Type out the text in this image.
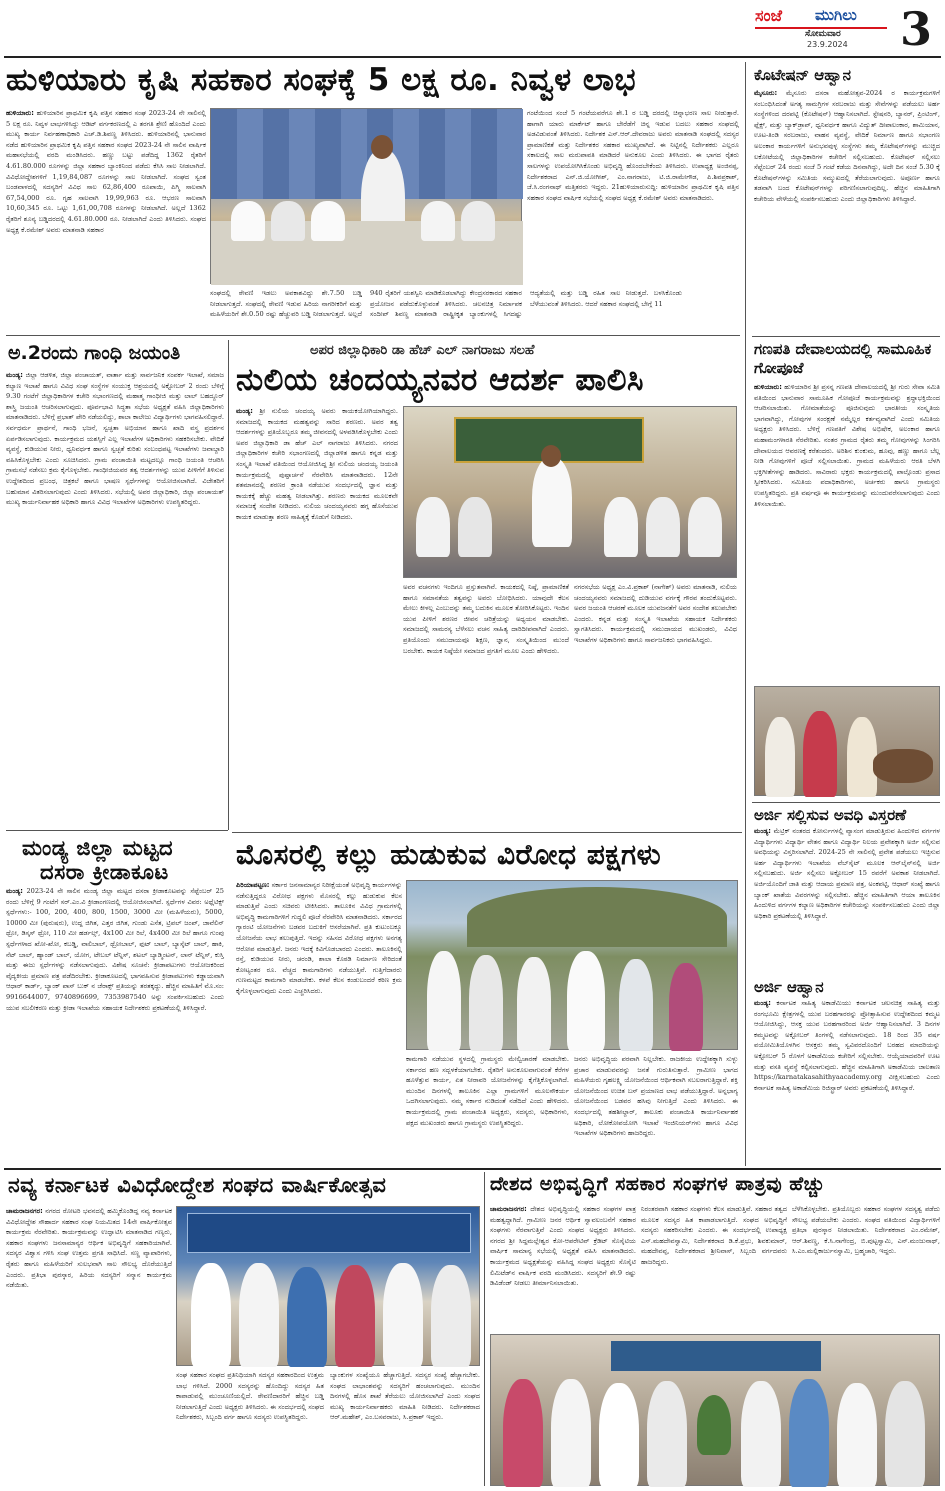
ಸಂಜೆ ಮುಗಿಲು
ಸೋಮವಾರ
23.9.2024 3
ಹುಳಿಯಾರು ಕೃಷಿ ಸಹಕಾರ ಸಂಘಕ್ಕೆ 5 ಲಕ್ಷ ರೂ. ನಿವ್ವಳ ಲಾಭ
ಹುಳಿಯಾರು: ಹುಳಿಯಾರಿನ ಪ್ರಾಥಮಿಕ ಕೃಷಿ ಪತ್ತಿನ ಸಹಕಾರ ಸಂಘ 2023-24 ನೇ ಸಾಲಿನಲ್ಲಿ 5 ಲಕ್ಷ ರೂ. ನಿವ್ವಳ ಲಾಭಗಳಿಸಿದ್ದು ಆಡಿಟ್ ವರ್ಗಕರಣದಲ್ಲಿ ಎ ತರಗತಿ ಶ್ರೇಣಿ ಹೊಂದಿದೆ ಎಂದು ಮುಖ್ಯ ಕಾರ್ಯ ನಿರ್ವಹಣಾಧಿಕಾರಿ ಎಚ್.ಡಿ.ಶಿವಣ್ಣ ತಿಳಿಸಿದರು. ಹುಳಿಯಾರಿನಲ್ಲಿ ಭಾನುವಾರ ನಡೆದ ಹುಳಿಯಾರಿನ ಪ್ರಾಥಮಿಕ ಕೃಷಿ ಪತ್ತಿನ ಸಹಕಾರ ಸಂಘದ 2023-24 ನೇ ಸಾಲಿನ ವಾರ್ಷಿಕ ಮಹಾಸಭೆಯಲ್ಲಿ ವರದಿ ಮಂಡಿಸಿದರು. ಹಣ್ಣು ಬಟ್ಟು ಪಡೆದಿದ್ದ 1362 ರೈತರಿಗೆ 4.61.80.000 ರೂಗಳನ್ನು ಜಿಲ್ಲಾ ಸಹಕಾರ ಬ್ಯಾಂಕಿನಿಂದ ಪಡೆದು ಕೆಸಿಸಿ ಸಾಲ ನೀಡಲಾಗಿದೆ. ವಿವಿಧೋದ್ದೇಶಗಳಿಗೆ 1,19,84,087 ರೂಗಳನ್ನು ಸಾಲ ನೀಡಲಾಗಿದೆ. ಸಂಘದ ಸ್ವಂತ ಬಂಡವಾಳದಲ್ಲಿ ಸದಸ್ಯರಿಗೆ ವಿವಿಧ ಸಾಲ 62,86,400 ರೂಪಾಯಿ, ಪಿಗ್ಮಿ ಸಾಲವಾಗಿ 67,54,000 ರೂ. ಗೃಹ ಸಾಲವಾಗಿ 19,99,963 ರೂ. ಆಭರಣ ಸಾಲವಾಗಿ 10,60,345 ರೂ. ಒಟ್ಟು 1,61,00,708 ರೂಗಳನ್ನು ನೀಡಲಾಗಿದೆ. ಅಲ್ಲದೆ 1362 ರೈತರಿಗೆ ಶೂನ್ಯ ಬಡ್ಡಿದರದಲ್ಲಿ 4.61.80.000 ರೂ. ನೀಡಲಾಗಿದೆ ಎಂದು ತಿಳಿಸಿದರು. ಸಂಘದ ಅಧ್ಯಕ್ಷ ಕೆ.ರಮೇಶ್ ಅವರು ಮಾತನಾಡಿ ಸಹಕಾರ
ಸಂಘದಲ್ಲಿ ಠೇವಣಿ ಇಡಲು ಅವಕಾಶವಿದ್ದು ಶೇ.7.50 ಬಡ್ಡಿ ನೀಡಲಾಗುತ್ತದೆ. ಸಂಘದಲ್ಲಿ ಠೇವಣಿ ಇಡುವ ಹಿರಿಯ ನಾಗರೀಕರಿಗೆ ಮತ್ತು ಮಹಿಳೆಯರಿಗೆ ಶೇ.0.50 ರಷ್ಟು ಹೆಚ್ಚುವರಿ ಬಡ್ಡಿ ನೀಡಲಾಗುತ್ತದೆ. ಅಲ್ಲದೆ 940 ರೈತರಿಗೆ ಯಶಸ್ವಿನಿ ಮಾಡಿಕೊಡಲಾಗಿದ್ದು ಕೇಂದ್ರಸರಕಾರದ ಸಹಕಾರ ಪ್ರಯೋಜನ ಪಡೆದುಕೊಳ್ಳುವಂತೆ ತಿಳಿಸಿದರು. ಚಲನಚಿತ್ರ ನಿರ್ಮಾಪಕ ಸಂದೀಪ್ ಶಿವಣ್ಣ ಮಾತನಾಡಿ ರಾಷ್ಟ್ರೀಕೃತ ಬ್ಯಾಂಕುಗಳಲ್ಲಿ ಸಿಗದಷ್ಟು ಆದ್ಯತೆಯಲ್ಲಿ ಮತ್ತು ಬಡ್ಡಿ ರಹಿತ ಸಾಲ ನೀಡುತ್ತದೆ. ಬಳಸಿಕೊಂಡು ಬೆಳೆಯುವಂತೆ ತಿಳಿಸಿದರು. ಆದರೆ ಸಹಕಾರ ಸಂಘದಲ್ಲಿ ಬೇಗ್ಗೆ 11
ಗಂಟೆಯಿಂದ ಸಂಜೆ 5 ಗಂಟೆಯವರೆಗೂ ಶೇ.1 ರ ಬಡ್ಡಿ ದರದಲ್ಲಿ ಚಿನ್ನಾಭರಣ ಸಾಲ ನೀಡುತ್ತಾರೆ. ಹಾಗಾಗಿ ಯಾರು ಮಾರ್ಕೆಟ್ ಹಾಗೂ ಬೇರೆಡೆಗೆ ಚಿನ್ನ ಇಡುವ ಬದಲು ಸಹಕಾರ ಸಂಘದಲ್ಲಿ ಅಡವಿಡುವಂತೆ ತಿಳಿಸಿದರು. ನಿರ್ದೇಶಕ ಎಸ್.ಆರ್.ದೇವರಾಜು ಅವರು ಮಾತನಾಡಿ ಸಂಘದಲ್ಲಿ ಸದಸ್ಯರ ಪ್ರಾಮಾಣಿಕತೆ ಮತ್ತು ನಿರ್ದೇಶಕರ ಸಹಕಾರ ಮುಖ್ಯವಾಗಿದೆ. ಈ ನಿಟ್ಟಿನಲ್ಲಿ ನಿರ್ದೇಶಕರು ಎಲ್ಲರೂ ಸಕಾಲದಲ್ಲಿ ಸಾಲ ಮರುಪಾವತಿ ಮಾಡಿದರೆ ಅನುಕೂಲ ಎಂದು ತಿಳಿಸಿದರು. ಈ ಭಾಗದ ರೈತರು ಸಾಲಗಳನ್ನು ಉಪಯೋಗಿಸಿಕೊಂಡು ಅಭಿವೃದ್ಧಿ ಹೊಂದಬೇಕೆಂದು ತಿಳಿಸಿದರು. ಉಪಾಧ್ಯಕ್ಷ ಅಂಜಿನಪ್ಪ, ನಿರ್ದೇಶಕರಾದ ಎನ್.ಜಿ.ಯೋಗೀಶ್, ಎಂ.ನಾಗರಾಜು, ಟಿ.ಜಿ.ರಾಮೇಗೌಡ, ಪಿ.ಶಿವಪ್ರಕಾಶ್, ಜೆ.ಸಿ.ರಂಗನಾಥ್ ಮತ್ತಿತರರು ಇದ್ದರು. 21ಹುಳಿಯಾರುಸುದ್ದಿ: ಹುಳಿಯಾರಿನ ಪ್ರಾಥಮಿಕ ಕೃಷಿ ಪತ್ತಿನ ಸಹಕಾರ ಸಂಘದ ವಾರ್ಷಿಕ ಸಭೆಯಲ್ಲಿ ಸಂಘದ ಅಧ್ಯಕ್ಷ ಕೆ.ರಮೇಶ್ ಅವರು ಮಾತನಾಡಿದರು.
ಕೊಟೇಷನ್ ಆಹ್ವಾನ
ಮೈಸೂರು: ಮೈಸೂರು ದಸರಾ ಮಹೋತ್ಸವ-2024 ರ ಕಾರ್ಯಕ್ರಮಗಳಿಗೆ ಸಂಬಂಧಿಸಿದಂತೆ ಅಗತ್ಯ ಸಾಮಗ್ರಿಗಳ ಸರಬರಾಜು ಮತ್ತು ಸೇವೆಗಳನ್ನು ಪಡೆಯಲು ಅರ್ಹ ಸಂಸ್ಥೆಗಳಿಂದ ದರಪಟ್ಟಿ (ಕೊಟೇಷನ್) ಆಹ್ವಾನಿಸಲಾಗಿದೆ. ಸ್ಟೇಷನರಿ, ಬ್ಯಾನರ್, ಪ್ರಿಂಟಿಂಗ್, ಫ್ಲೆಕ್ಸ್, ಮತ್ತು ಬ್ಯಾಕ್‌ಡ್ರಾಪ್, ಧ್ವನಿವರ್ಧಕ ಹಾಗೂ ವಿದ್ಯುತ್ ದೀಪಾಲಂಕಾರ, ಶಾಮಿಯಾನ, ಊಟ-ತಿಂಡಿ ಸರಬರಾಜು, ವಾಹನ ವ್ಯವಸ್ಥೆ, ವೇದಿಕೆ ನಿರ್ಮಾಣ ಹಾಗೂ ಸಭಾಂಗಣ ಅಲಂಕಾರ ಕಾರ್ಯಗಳಿಗೆ ಅನುಭವವುಳ್ಳ ಸಂಸ್ಥೆಗಳು ತಮ್ಮ ಕೊಟೇಷನ್‌ಗಳನ್ನು ಮುಚ್ಚಿದ ಲಕೋಟೆಯಲ್ಲಿ ಜಿಲ್ಲಾಧಿಕಾರಿಗಳ ಕಚೇರಿಗೆ ಸಲ್ಲಿಸಬಹುದು. ಕೊಟೇಷನ್ ಸಲ್ಲಿಸಲು ಸೆಪ್ಟೆಂಬರ್ 24 ರಂದು ಸಂಜೆ 5 ಗಂಟೆ ಕಡೆಯ ದಿನವಾಗಿದ್ದು, ಅದೇ ದಿನ ಸಂಜೆ 5.30 ಕ್ಕೆ ಕೊಟೇಷನ್‌ಗಳನ್ನು ಸಮಿತಿಯ ಸಮ್ಮುಖದಲ್ಲಿ ತೆರೆಯಲಾಗುವುದು. ಅಪೂರ್ಣ ಹಾಗೂ ತಡವಾಗಿ ಬಂದ ಕೊಟೇಷನ್‌ಗಳನ್ನು ಪರಿಗಣಿಸಲಾಗುವುದಿಲ್ಲ. ಹೆಚ್ಚಿನ ಮಾಹಿತಿಗಾಗಿ ಕಚೇರಿಯ ವೇಳೆಯಲ್ಲಿ ಸಂಪರ್ಕಿಸಬಹುದು ಎಂದು ಜಿಲ್ಲಾಧಿಕಾರಿಗಳು ತಿಳಿಸಿದ್ದಾರೆ.
ಗಣಪತಿ ದೇವಾಲಯದಲ್ಲಿ ಸಾಮೂಹಿಕ ಗೋಪೂಜೆ
ಹುಳಿಯಾರು: ಹುಳಿಯಾರಿನ ಶ್ರೀ ಪ್ರಸನ್ನ ಗಣಪತಿ ದೇವಾಲಯದಲ್ಲಿ ಶ್ರೀ ಗುರು ಸೇವಾ ಸಮಿತಿ ವತಿಯಿಂದ ಭಾನುವಾರ ಸಾಮೂಹಿಕ ಗೋಪೂಜೆ ಕಾರ್ಯಕ್ರಮವನ್ನು ಶ್ರದ್ಧಾಭಕ್ತಿಯಿಂದ ಆಚರಿಸಲಾಯಿತು. ಗೋಮಾತೆಯನ್ನು ಪೂಜಿಸುವುದು ಭಾರತೀಯ ಸಂಸ್ಕೃತಿಯ ಭಾಗವಾಗಿದ್ದು, ಗೋವುಗಳ ಸಂರಕ್ಷಣೆ ನಮ್ಮೆಲ್ಲರ ಕರ್ತವ್ಯವಾಗಿದೆ ಎಂದು ಸಮಿತಿಯ ಅಧ್ಯಕ್ಷರು ತಿಳಿಸಿದರು. ಬೆಳಿಗ್ಗೆ ಗಣಪತಿಗೆ ವಿಶೇಷ ಅಭಿಷೇಕ, ಅಲಂಕಾರ ಹಾಗೂ ಮಹಾಮಂಗಳಾರತಿ ನೆರವೇರಿತು. ನಂತರ ಗ್ರಾಮದ ರೈತರು ತಮ್ಮ ಗೋವುಗಳನ್ನು ಸಿಂಗರಿಸಿ ದೇವಾಲಯದ ಆವರಣಕ್ಕೆ ಕರೆತಂದರು. ಅರಿಶಿನ ಕುಂಕುಮ, ಹೂವು, ಹಣ್ಣು ಹಾಗೂ ಬೆಲ್ಲ ನೀಡಿ ಗೋವುಗಳಿಗೆ ಪೂಜೆ ಸಲ್ಲಿಸಲಾಯಿತು. ಗ್ರಾಮದ ಮಹಿಳೆಯರು ಆರತಿ ಬೆಳಗಿ ಭಕ್ತಿಗೀತೆಗಳನ್ನು ಹಾಡಿದರು. ಸಾವಿರಾರು ಭಕ್ತರು ಕಾರ್ಯಕ್ರಮದಲ್ಲಿ ಪಾಲ್ಗೊಂಡು ಪ್ರಸಾದ ಸ್ವೀಕರಿಸಿದರು. ಸಮಿತಿಯ ಪದಾಧಿಕಾರಿಗಳು, ಅರ್ಚಕರು ಹಾಗೂ ಗ್ರಾಮಸ್ಥರು ಉಪಸ್ಥಿತರಿದ್ದರು. ಪ್ರತಿ ವರ್ಷವೂ ಈ ಕಾರ್ಯಕ್ರಮವನ್ನು ಮುಂದುವರೆಸಲಾಗುವುದು ಎಂದು ತಿಳಿಸಲಾಯಿತು.
ಅ.2ರಂದು ಗಾಂಧಿ ಜಯಂತಿ
ಮಂಡ್ಯ: ಜಿಲ್ಲಾ ಆಡಳಿತ, ಜಿಲ್ಲಾ ಪಂಚಾಯತ್, ವಾರ್ತಾ ಮತ್ತು ಸಾರ್ವಜನಿಕ ಸಂಪರ್ಕ ಇಲಾಖೆ, ಸಮಾಜ ಕಲ್ಯಾಣ ಇಲಾಖೆ ಹಾಗೂ ವಿವಿಧ ಸಂಘ ಸಂಸ್ಥೆಗಳ ಸಂಯುಕ್ತ ಆಶ್ರಯದಲ್ಲಿ ಅಕ್ಟೋಬರ್ 2 ರಂದು ಬೆಳಿಗ್ಗೆ 9.30 ಗಂಟೆಗೆ ಜಿಲ್ಲಾಧಿಕಾರಿಗಳ ಕಚೇರಿ ಸಭಾಂಗಣದಲ್ಲಿ ಮಹಾತ್ಮ ಗಾಂಧೀಜಿ ಮತ್ತು ಲಾಲ್ ಬಹದ್ದೂರ್ ಶಾಸ್ತ್ರಿ ಜಯಂತಿ ಆಚರಿಸಲಾಗುವುದು. ಪೂರ್ವಭಾವಿ ಸಿದ್ಧತಾ ಸಭೆಯ ಅಧ್ಯಕ್ಷತೆ ವಹಿಸಿ ಜಿಲ್ಲಾಧಿಕಾರಿಗಳು ಮಾತನಾಡಿದರು. ಬೆಳಿಗ್ಗೆ ಪ್ರಭಾತ್ ಪೇರಿ ನಡೆಯಲಿದ್ದು, ಶಾಲಾ ಕಾಲೇಜು ವಿದ್ಯಾರ್ಥಿಗಳು ಭಾಗವಹಿಸಲಿದ್ದಾರೆ. ಸರ್ವಧರ್ಮ ಪ್ರಾರ್ಥನೆ, ಗಾಂಧಿ ಭಜನೆ, ಸ್ವಚ್ಛತಾ ಅಭಿಯಾನ ಹಾಗೂ ಖಾದಿ ವಸ್ತ್ರ ಪ್ರದರ್ಶನ ಏರ್ಪಡಿಸಲಾಗುವುದು. ಕಾರ್ಯಕ್ರಮದ ಯಶಸ್ಸಿಗೆ ಎಲ್ಲ ಇಲಾಖೆಗಳ ಅಧಿಕಾರಿಗಳು ಸಹಕರಿಸಬೇಕು. ವೇದಿಕೆ ವ್ಯವಸ್ಥೆ, ಕುಡಿಯುವ ನೀರು, ಧ್ವನಿವರ್ಧಕ ಹಾಗೂ ಸ್ವಚ್ಛತೆ ಕುರಿತು ಸಂಬಂಧಪಟ್ಟ ಇಲಾಖೆಗಳು ಜವಾಬ್ದಾರಿ ವಹಿಸಿಕೊಳ್ಳಬೇಕು ಎಂದು ಸೂಚಿಸಿದರು. ಗ್ರಾಮ ಪಂಚಾಯಿತಿ ಮಟ್ಟದಲ್ಲೂ ಗಾಂಧಿ ಜಯಂತಿ ಆಚರಿಸಿ ಗ್ರಾಮಸಭೆ ನಡೆಸಲು ಕ್ರಮ ಕೈಗೊಳ್ಳಬೇಕು. ಗಾಂಧೀಜಿಯವರ ತತ್ವ ಆದರ್ಶಗಳನ್ನು ಯುವ ಪೀಳಿಗೆಗೆ ತಿಳಿಸುವ ಉದ್ದೇಶದಿಂದ ಪ್ರಬಂಧ, ಚಿತ್ರಕಲೆ ಹಾಗೂ ಭಾಷಣ ಸ್ಪರ್ಧೆಗಳನ್ನು ಆಯೋಜಿಸಲಾಗಿದೆ. ವಿಜೇತರಿಗೆ ಬಹುಮಾನ ವಿತರಿಸಲಾಗುವುದು ಎಂದು ತಿಳಿಸಿದರು. ಸಭೆಯಲ್ಲಿ ಅಪರ ಜಿಲ್ಲಾಧಿಕಾರಿ, ಜಿಲ್ಲಾ ಪಂಚಾಯತ್ ಮುಖ್ಯ ಕಾರ್ಯನಿರ್ವಾಹಕ ಅಧಿಕಾರಿ ಹಾಗೂ ವಿವಿಧ ಇಲಾಖೆಗಳ ಅಧಿಕಾರಿಗಳು ಉಪಸ್ಥಿತರಿದ್ದರು.
ಅಪರ ಜಿಲ್ಲಾಧಿಕಾರಿ ಡಾ ಹೆಚ್ ಎಲ್ ನಾಗರಾಜು ಸಲಹೆ
ನುಲಿಯ ಚಂದಯ್ಯನವರ ಆದರ್ಶ ಪಾಲಿಸಿ
ಮಂಡ್ಯ: ಶ್ರೀ ನುಲಿಯ ಚಂದಯ್ಯ ಅವರು ಕಾಯಕಯೋಗಿಯಾಗಿದ್ದರು. ಸಮಾಜದಲ್ಲಿ ಕಾಯಕದ ಮಹತ್ವವನ್ನು ಸಾರಿದ ಶರಣರು. ಅವರ ತತ್ವ ಆದರ್ಶಗಳನ್ನು ಪ್ರತಿಯೊಬ್ಬರೂ ತಮ್ಮ ಜೀವನದಲ್ಲಿ ಅಳವಡಿಸಿಕೊಳ್ಳಬೇಕು ಎಂದು ಅಪರ ಜಿಲ್ಲಾಧಿಕಾರಿ ಡಾ ಹೆಚ್ ಎಲ್ ನಾಗರಾಜು ತಿಳಿಸಿದರು. ನಗರದ ಜಿಲ್ಲಾಧಿಕಾರಿಗಳ ಕಚೇರಿ ಸಭಾಂಗಣದಲ್ಲಿ ಜಿಲ್ಲಾಡಳಿತ ಹಾಗೂ ಕನ್ನಡ ಮತ್ತು ಸಂಸ್ಕೃತಿ ಇಲಾಖೆ ವತಿಯಿಂದ ಆಯೋಜಿಸಿದ್ದ ಶ್ರೀ ನುಲಿಯ ಚಂದಯ್ಯ ಜಯಂತಿ ಕಾರ್ಯಕ್ರಮದಲ್ಲಿ ಪುಷ್ಪಾರ್ಚನೆ ನೆರವೇರಿಸಿ ಮಾತನಾಡಿದರು. 12ನೇ ಶತಮಾನದಲ್ಲಿ ಶರಣರ ಕ್ರಾಂತಿ ನಡೆಯುವ ಸಂದರ್ಭದಲ್ಲಿ ಜ್ಞಾನ ಮತ್ತು ಕಾಯಕಕ್ಕೆ ಹೆಚ್ಚು ಮಹತ್ವ ನೀಡಲಾಗಿತ್ತು. ಶರಣರು ಕಾಯಕದ ಮೂಲಕವೇ ಸಮಾಜಕ್ಕೆ ಸಂದೇಶ ನೀಡಿದರು. ನುಲಿಯ ಚಂದಯ್ಯನವರು ಹಗ್ಗ ಹೊಸೆಯುವ ಕಾಯಕ ಮಾಡುತ್ತಾ ಶರಣ ಸಾಹಿತ್ಯಕ್ಕೆ ಕೊಡುಗೆ ನೀಡಿದರು.
ಅವರ ವಚನಗಳು ಇಂದಿಗೂ ಪ್ರಸ್ತುತವಾಗಿವೆ. ಕಾಯಕದಲ್ಲಿ ನಿಷ್ಠೆ, ಪ್ರಾಮಾಣಿಕತೆ ಹಾಗೂ ಸಮಾನತೆಯ ತತ್ವವನ್ನು ಅವರು ಬೋಧಿಸಿದರು. ಯಾವುದೇ ಕೆಲಸ ಮೇಲು ಕೀಳಲ್ಲ ಎಂಬುದನ್ನು ತಮ್ಮ ಬದುಕಿನ ಮೂಲಕ ತೋರಿಸಿಕೊಟ್ಟರು. ಇಂದಿನ ಯುವ ಪೀಳಿಗೆ ಶರಣರ ಜೀವನ ಚರಿತ್ರೆಯನ್ನು ಅಧ್ಯಯನ ಮಾಡಬೇಕು. ಸಮಾಜದಲ್ಲಿ ಸಾಮರಸ್ಯ ಬೆಳೆಸಲು ವಚನ ಸಾಹಿತ್ಯ ದಾರಿದೀಪವಾಗಿದೆ ಎಂದರು. ಪ್ರತಿಯೊಂದು ಸಮುದಾಯವೂ ಶಿಕ್ಷಣ, ಜ್ಞಾನ, ಸಂಸ್ಕೃತಿಯಿಂದ ಮುಂದೆ ಬರಬೇಕು. ಕಾಯಕ ನಿಷ್ಠೆಯೇ ಸಮಾಜದ ಪ್ರಗತಿಗೆ ಮೂಲ ಎಂದು ಹೇಳಿದರು.
ನಗರಸಭೆಯ ಅಧ್ಯಕ್ಷ ಎಂ.ವಿ.ಪ್ರಕಾಶ್ (ನಾಗೇಶ್) ಅವರು ಮಾತನಾಡಿ, ನುಲಿಯ ಚಂದಯ್ಯನವರು ಸಮಾಜದಲ್ಲಿ ದುಡಿಯುವ ವರ್ಗಕ್ಕೆ ಗೌರವ ತಂದುಕೊಟ್ಟವರು. ಅವರ ಜಯಂತಿ ಆಚರಣೆ ಮೂಲಕ ಯುವಜನತೆಗೆ ಅವರ ಸಂದೇಶ ತಲುಪಬೇಕು ಎಂದರು. ಕನ್ನಡ ಮತ್ತು ಸಂಸ್ಕೃತಿ ಇಲಾಖೆಯ ಸಹಾಯಕ ನಿರ್ದೇಶಕರು ಸ್ವಾಗತಿಸಿದರು. ಕಾರ್ಯಕ್ರಮದಲ್ಲಿ ಸಮುದಾಯದ ಮುಖಂಡರು, ವಿವಿಧ ಇಲಾಖೆಗಳ ಅಧಿಕಾರಿಗಳು ಹಾಗೂ ಸಾರ್ವಜನಿಕರು ಭಾಗವಹಿಸಿದ್ದರು.
ಮಂಡ್ಯ ಜಿಲ್ಲಾ ಮಟ್ಟದ
ದಸರಾ ಕ್ರೀಡಾಕೂಟ
ಮಂಡ್ಯ: 2023-24 ನೇ ಸಾಲಿನ ಮಂಡ್ಯ ಜಿಲ್ಲಾ ಮಟ್ಟದ ದಸರಾ ಕ್ರೀಡಾಕೂಟವನ್ನು ಸೆಪ್ಟೆಂಬರ್ 25 ರಂದು ಬೆಳಿಗ್ಗೆ 9 ಗಂಟೆಗೆ ಸರ್.ಎಂ.ವಿ ಕ್ರೀಡಾಂಗಣದಲ್ಲಿ ಆಯೋಜಿಸಲಾಗಿದೆ. ಸ್ಪರ್ಧೆಗಳ ವಿವರ: ಅಥ್ಲೆಟಿಕ್ಸ್ ಸ್ಪರ್ಧೆಗಳು:- 100, 200, 400, 800, 1500, 3000 ಮೀ (ಮಹಿಳೆಯರು), 5000, 10000 ಮೀ (ಪುರುಷರು), ಉದ್ದ ಜಿಗಿತ, ಎತ್ತರ ಜಿಗಿತ, ಗುಂಡು ಎಸೆತ, ಟ್ರಿಪಲ್ ಜಂಪ್, ಜಾವೆಲಿನ್ ಥ್ರೋ, ಡಿಸ್ಕಸ್ ಥ್ರೋ, 110 ಮೀ ಹರ್ಡಲ್ಸ್, 4x100 ಮೀ ರಿಲೆ, 4x400 ಮೀ ರಿಲೆ ಹಾಗೂ ಗುಂಪು ಸ್ಪರ್ಧೆಗಳಾದ ಖೋ-ಖೋ, ಕಬಡ್ಡಿ, ವಾಲಿಬಾಲ್, ಥ್ರೋಬಾಲ್, ಫುಟ್ ಬಾಲ್, ಬ್ಯಾಸ್ಕೆಟ್ ಬಾಲ್, ಹಾಕಿ, ನೆಟ್ ಬಾಲ್, ಹ್ಯಾಂಡ್ ಬಾಲ್, ಯೋಗ, ಟೇಬಲ್ ಟೆನ್ನಿಸ್, ಶಟಲ್ ಬ್ಯಾಡ್ಮಿಂಟನ್, ಲಾನ್ ಟೆನ್ನಿಸ್, ಕುಸ್ತಿ ಮತ್ತು ಈಜು ಸ್ಪರ್ಧೆಗಳನ್ನು ನಡೆಸಲಾಗುವುದು. ವಿಶೇಷ ಸೂಚನೆ: ಕ್ರೀಡಾಪಟುಗಳು ಆಯೋಜಕರಿಂದ ವೈದ್ಯಕೀಯ ಪ್ರಮಾಣ ಪತ್ರ ಪಡೆದಿರಬೇಕು. ಕ್ರೀಡಾಕೂಟದಲ್ಲಿ ಭಾಗವಹಿಸುವ ಕ್ರೀಡಾಪಟುಗಳು ಕಡ್ಡಾಯವಾಗಿ ಆಧಾರ್ ಕಾರ್ಡ್, ಬ್ಯಾಂಕ್ ಪಾಸ್ ಬುಕ್ ನ ಜೆರಾಕ್ಸ್ ಪ್ರತಿಯನ್ನು ತರತಕ್ಕದ್ದು. ಹೆಚ್ಚಿನ ಮಾಹಿತಿಗೆ ಮೊ.ಸಂ: 9916644007, 9740896699, 7353987540 ಅನ್ನು ಸಂಪರ್ಕಿಸಬಹುದು ಎಂದು ಯುವ ಸಬಲೀಕರಣ ಮತ್ತು ಕ್ರೀಡಾ ಇಲಾಖೆಯ ಸಹಾಯಕ ನಿರ್ದೇಶಕರು ಪ್ರಕಟಣೆಯಲ್ಲಿ ತಿಳಿಸಿದ್ದಾರೆ.
ಮೊಸರಲ್ಲಿ ಕಲ್ಲು ಹುಡುಕುವ ವಿರೋಧ ಪಕ್ಷಗಳು
ಪಿರಿಯಾಪಟ್ಟಣ: ಸರ್ಕಾರ ಜನಸಾಮಾನ್ಯರ ನಿರೀಕ್ಷೆಯಂತೆ ಅಭಿವೃದ್ಧಿ ಕಾರ್ಯಗಳನ್ನು ನಡೆಸುತ್ತಿದ್ದರೂ ವಿರೋಧ ಪಕ್ಷಗಳು ಮೊಸರಲ್ಲಿ ಕಲ್ಲು ಹುಡುಕುವ ಕೆಲಸ ಮಾಡುತ್ತಿವೆ ಎಂದು ಸಚಿವರು ಟೀಕಿಸಿದರು. ತಾಲೂಕಿನ ವಿವಿಧ ಗ್ರಾಮಗಳಲ್ಲಿ ಅಭಿವೃದ್ಧಿ ಕಾಮಗಾರಿಗಳಿಗೆ ಗುದ್ದಲಿ ಪೂಜೆ ನೆರವೇರಿಸಿ ಮಾತನಾಡಿದರು. ಸರ್ಕಾರದ ಗ್ಯಾರಂಟಿ ಯೋಜನೆಗಳು ಬಡವರ ಬದುಕಿಗೆ ಆಸರೆಯಾಗಿವೆ. ಪ್ರತಿ ಕುಟುಂಬಕ್ಕೂ ಯೋಜನೆಯ ಲಾಭ ತಲುಪುತ್ತಿದೆ. ಇದನ್ನು ಸಹಿಸದ ವಿರೋಧ ಪಕ್ಷಗಳು ಅನಗತ್ಯ ಆರೋಪ ಮಾಡುತ್ತಿವೆ. ಜನರು ಇದಕ್ಕೆ ಕಿವಿಗೊಡಬಾರದು ಎಂದರು. ತಾಲೂಕಿನಲ್ಲಿ ರಸ್ತೆ, ಕುಡಿಯುವ ನೀರು, ಚರಂಡಿ, ಶಾಲಾ ಕೊಠಡಿ ನಿರ್ಮಾಣ ಸೇರಿದಂತೆ ಕೋಟ್ಯಂತರ ರೂ. ವೆಚ್ಚದ ಕಾಮಗಾರಿಗಳು ನಡೆಯುತ್ತಿವೆ. ಗುತ್ತಿಗೆದಾರರು ಗುಣಮಟ್ಟದ ಕಾಮಗಾರಿ ಮಾಡಬೇಕು. ಕಳಪೆ ಕೆಲಸ ಕಂಡುಬಂದರೆ ಕಠಿಣ ಕ್ರಮ ಕೈಗೊಳ್ಳಲಾಗುವುದು ಎಂದು ಎಚ್ಚರಿಸಿದರು.
ಕಾಮಗಾರಿ ನಡೆಯುವ ಸ್ಥಳದಲ್ಲಿ ಗ್ರಾಮಸ್ಥರು ಮೇಲ್ವಿಚಾರಣೆ ಮಾಡಬೇಕು. ಸರ್ಕಾರದ ಹಣ ಸದ್ಬಳಕೆಯಾಗಬೇಕು. ರೈತರಿಗೆ ಅನುಕೂಲವಾಗುವಂತೆ ಕೆರೆಗಳ ಹೂಳೆತ್ತುವ ಕಾರ್ಯ, ಏತ ನೀರಾವರಿ ಯೋಜನೆಗಳನ್ನು ಕೈಗೆತ್ತಿಕೊಳ್ಳಲಾಗಿದೆ. ಮುಂದಿನ ದಿನಗಳಲ್ಲಿ ತಾಲೂಕಿನ ಎಲ್ಲಾ ಗ್ರಾಮಗಳಿಗೆ ಮೂಲಸೌಕರ್ಯ ಒದಗಿಸಲಾಗುವುದು. ನಮ್ಮ ಸರ್ಕಾರ ನುಡಿದಂತೆ ನಡೆದಿದೆ ಎಂದು ಹೇಳಿದರು. ಕಾರ್ಯಕ್ರಮದಲ್ಲಿ ಗ್ರಾಮ ಪಂಚಾಯಿತಿ ಅಧ್ಯಕ್ಷರು, ಸದಸ್ಯರು, ಅಧಿಕಾರಿಗಳು, ಪಕ್ಷದ ಮುಖಂಡರು ಹಾಗೂ ಗ್ರಾಮಸ್ಥರು ಉಪಸ್ಥಿತರಿದ್ದರು.
ಜನರು ಅಭಿವೃದ್ಧಿಯ ಪರವಾಗಿ ನಿಲ್ಲಬೇಕು. ರಾಜಕೀಯ ಉದ್ದೇಶಕ್ಕಾಗಿ ಸುಳ್ಳು ಪ್ರಚಾರ ಮಾಡುವವರನ್ನು ಜನತೆ ಗುರುತಿಸುತ್ತಾರೆ. ಗ್ರಾಮೀಣ ಭಾಗದ ಮಹಿಳೆಯರು ಗೃಹಲಕ್ಷ್ಮಿ ಯೋಜನೆಯಿಂದ ಆರ್ಥಿಕವಾಗಿ ಸಬಲರಾಗುತ್ತಿದ್ದಾರೆ. ಶಕ್ತಿ ಯೋಜನೆಯಿಂದ ಉಚಿತ ಬಸ್ ಪ್ರಯಾಣದ ಲಾಭ ಪಡೆಯುತ್ತಿದ್ದಾರೆ. ಅನ್ನಭಾಗ್ಯ ಯೋಜನೆಯಿಂದ ಬಡವರ ಹಸಿವು ನೀಗುತ್ತಿದೆ ಎಂದು ತಿಳಿಸಿದರು. ಈ ಸಂದರ್ಭದಲ್ಲಿ ತಹಶೀಲ್ದಾರ್, ತಾಲೂಕು ಪಂಚಾಯಿತಿ ಕಾರ್ಯನಿರ್ವಾಹಕ ಅಧಿಕಾರಿ, ಲೋಕೋಪಯೋಗಿ ಇಲಾಖೆ ಇಂಜಿನಿಯರ್‌ಗಳು ಹಾಗೂ ವಿವಿಧ ಇಲಾಖೆಗಳ ಅಧಿಕಾರಿಗಳು ಹಾಜರಿದ್ದರು.
ಅರ್ಜಿ ಸಲ್ಲಿಸುವ ಅವಧಿ ವಿಸ್ತರಣೆ
ಮಂಡ್ಯ: ಮೆಟ್ರಿಕ್ ನಂತರದ ಕೋರ್ಸುಗಳಲ್ಲಿ ವ್ಯಾಸಂಗ ಮಾಡುತ್ತಿರುವ ಹಿಂದುಳಿದ ವರ್ಗಗಳ ವಿದ್ಯಾರ್ಥಿಗಳು ವಿದ್ಯಾರ್ಥಿ ವೇತನ ಹಾಗೂ ವಿದ್ಯಾರ್ಥಿ ನಿಲಯ ಪ್ರವೇಶಕ್ಕಾಗಿ ಅರ್ಜಿ ಸಲ್ಲಿಸುವ ಅವಧಿಯನ್ನು ವಿಸ್ತರಿಸಲಾಗಿದೆ. 2024-25 ನೇ ಸಾಲಿನಲ್ಲಿ ಪ್ರವೇಶ ಪಡೆಯಲು ಇಚ್ಛಿಸುವ ಅರ್ಹ ವಿದ್ಯಾರ್ಥಿಗಳು ಇಲಾಖೆಯ ವೆಬ್‌ಸೈಟ್ ಮೂಲಕ ಆನ್‌ಲೈನ್‌ನಲ್ಲಿ ಅರ್ಜಿ ಸಲ್ಲಿಸಬಹುದು. ಅರ್ಜಿ ಸಲ್ಲಿಸಲು ಅಕ್ಟೋಬರ್ 15 ರವರೆಗೆ ಅವಕಾಶ ನೀಡಲಾಗಿದೆ. ಅರ್ಜಿಯೊಂದಿಗೆ ಜಾತಿ ಮತ್ತು ಆದಾಯ ಪ್ರಮಾಣ ಪತ್ರ, ಅಂಕಪಟ್ಟಿ, ಆಧಾರ್ ಸಂಖ್ಯೆ ಹಾಗೂ ಬ್ಯಾಂಕ್ ಖಾತೆಯ ವಿವರಗಳನ್ನು ಸಲ್ಲಿಸಬೇಕು. ಹೆಚ್ಚಿನ ಮಾಹಿತಿಗಾಗಿ ಆಯಾ ತಾಲೂಕಿನ ಹಿಂದುಳಿದ ವರ್ಗಗಳ ಕಲ್ಯಾಣ ಅಧಿಕಾರಿಗಳ ಕಚೇರಿಯನ್ನು ಸಂಪರ್ಕಿಸಬಹುದು ಎಂದು ಜಿಲ್ಲಾ ಅಧಿಕಾರಿ ಪ್ರಕಟಣೆಯಲ್ಲಿ ತಿಳಿಸಿದ್ದಾರೆ.
ಅರ್ಜಿ ಆಹ್ವಾನ
ಮಂಡ್ಯ: ಕರ್ನಾಟಕ ಸಾಹಿತ್ಯ ಅಕಾಡೆಮಿಯು ಕರ್ನಾಟಕ ಚಲನಚಿತ್ರ ಸಾಹಿತ್ಯ ಮತ್ತು ರಂಗಭೂಮಿ ಕ್ಷೇತ್ರಗಳಲ್ಲಿ ಯುವ ಬರಹಗಾರರನ್ನು ಪ್ರೋತ್ಸಾಹಿಸುವ ಉದ್ದೇಶದಿಂದ ಕಮ್ಮಟ ಆಯೋಜಿಸಿದ್ದು, ಆಸಕ್ತ ಯುವ ಬರಹಗಾರರಿಂದ ಅರ್ಜಿ ಆಹ್ವಾನಿಸಲಾಗಿದೆ. 3 ದಿನಗಳ ಕಮ್ಮಟವನ್ನು ಅಕ್ಟೋಬರ್ ತಿಂಗಳಲ್ಲಿ ನಡೆಸಲಾಗುವುದು. 18 ರಿಂದ 35 ವರ್ಷ ವಯೋಮಿತಿಯೊಳಗಿನ ಆಸಕ್ತರು ತಮ್ಮ ಸ್ವವಿವರದೊಂದಿಗೆ ಬರಹದ ಮಾದರಿಯನ್ನು ಅಕ್ಟೋಬರ್ 5 ರೊಳಗೆ ಅಕಾಡೆಮಿಯ ಕಚೇರಿಗೆ ಸಲ್ಲಿಸಬೇಕು. ಆಯ್ಕೆಯಾದವರಿಗೆ ಊಟ ಮತ್ತು ವಸತಿ ವ್ಯವಸ್ಥೆ ಕಲ್ಪಿಸಲಾಗುವುದು. ಹೆಚ್ಚಿನ ಮಾಹಿತಿಗಾಗಿ ಅಕಾಡೆಮಿಯ ಜಾಲತಾಣ https://karnatakasahithyaacademy.org ವೀಕ್ಷಿಸಬಹುದು ಎಂದು ಕರ್ನಾಟಕ ಸಾಹಿತ್ಯ ಅಕಾಡೆಮಿಯ ರಿಜಿಸ್ಟ್ರಾರ್ ಅವರು ಪ್ರಕಟಣೆಯಲ್ಲಿ ತಿಳಿಸಿದ್ದಾರೆ.
ನವ್ಯ ಕರ್ನಾಟಕ ವಿವಿಧೋದ್ದೇಶ ಸಂಘದ ವಾರ್ಷಿಕೋತ್ಸವ
ಚಾಮರಾಜನಗರ: ನಗರದ ರೋಟರಿ ಭವನದಲ್ಲಿ ಹಮ್ಮಿಕೊಂಡಿದ್ದ ನವ್ಯ ಕರ್ನಾಟಕ ವಿವಿಧೋದ್ದೇಶ ಸೌಹಾರ್ದ ಸಹಕಾರ ಸಂಘ ನಿಯಮಿತದ 14ನೇ ವಾರ್ಷಿಕೋತ್ಸವ ಕಾರ್ಯಕ್ರಮ ನೆರವೇರಿತು. ಕಾರ್ಯಕ್ರಮವನ್ನು ಉದ್ಘಾಟಿಸಿ ಮಾತನಾಡಿದ ಗಣ್ಯರು, ಸಹಕಾರ ಸಂಘಗಳು ಜನಸಾಮಾನ್ಯರ ಆರ್ಥಿಕ ಅಭಿವೃದ್ಧಿಗೆ ಸಹಕಾರಿಯಾಗಿವೆ. ಸದಸ್ಯರ ವಿಶ್ವಾಸ ಗಳಿಸಿ ಸಂಘ ಉತ್ತಮ ಪ್ರಗತಿ ಸಾಧಿಸಿದೆ. ಸಣ್ಣ ವ್ಯಾಪಾರಿಗಳು, ರೈತರು ಹಾಗೂ ಮಹಿಳೆಯರಿಗೆ ಸುಲಭವಾಗಿ ಸಾಲ ಸೌಲಭ್ಯ ದೊರೆಯುತ್ತಿದೆ ಎಂದರು. ಪ್ರತಿಭಾ ಪುರಸ್ಕಾರ, ಹಿರಿಯ ಸದಸ್ಯರಿಗೆ ಸನ್ಮಾನ ಕಾರ್ಯಕ್ರಮ ನಡೆಯಿತು.
ಸಂಘ ಸಹಕಾರ ಸಂಘದ ಪ್ರತಿನಿಧಿಯಾಗಿ ಸದಸ್ಯರ ಸಹಕಾರದಿಂದ ಉತ್ತಮ ಲಾಭ ಗಳಿಸಿದೆ. 2000 ಸದಸ್ಯರನ್ನು ಹೊಂದಿದ್ದು ಸದಸ್ಯರ ಹಿತ ಕಾಪಾಡುವಲ್ಲಿ ಮುಂಚೂಣಿಯಲ್ಲಿದೆ. ಠೇವಣಿದಾರರಿಗೆ ಹೆಚ್ಚಿನ ಬಡ್ಡಿ ನೀಡಲಾಗುತ್ತಿದೆ ಎಂದು ಅಧ್ಯಕ್ಷರು ತಿಳಿಸಿದರು. ಈ ಸಂದರ್ಭದಲ್ಲಿ ಸಂಘದ ನಿರ್ದೇಶಕರು, ಸಿಬ್ಬಂದಿ ವರ್ಗ ಹಾಗೂ ಸದಸ್ಯರು ಉಪಸ್ಥಿತರಿದ್ದರು.
ಬ್ಯಾಂಕುಗಳ ಸಂಖ್ಯೆಯೂ ಹೆಚ್ಚಾಗುತ್ತಿದೆ. ಸದಸ್ಯರ ಸಂಖ್ಯೆ ಹೆಚ್ಚಾಗಬೇಕು. ಸಂಘದ ಲಾಭಾಂಶವನ್ನು ಸದಸ್ಯರಿಗೆ ಹಂಚಲಾಗುವುದು. ಮುಂದಿನ ದಿನಗಳಲ್ಲಿ ಹೊಸ ಶಾಖೆ ತೆರೆಯಲು ಯೋಜಿಸಲಾಗಿದೆ ಎಂದು ಸಂಘದ ಮುಖ್ಯ ಕಾರ್ಯನಿರ್ವಾಹಕರು ಮಾಹಿತಿ ನೀಡಿದರು. ನಿರ್ದೇಶಕರಾದ ಆರ್.ಮಹೇಶ್, ಎಂ.ಬಸವರಾಜು, ಸಿ.ಪ್ರಕಾಶ್ ಇದ್ದರು.
ದೇಶದ ಅಭಿವೃದ್ಧಿಗೆ ಸಹಕಾರ ಸಂಘಗಳ ಪಾತ್ರವು ಹೆಚ್ಚು
ಚಾಮರಾಜನಗರ: ದೇಶದ ಅಭಿವೃದ್ಧಿಯಲ್ಲಿ ಸಹಕಾರ ಸಂಘಗಳ ಪಾತ್ರ ಮಹತ್ವದ್ದಾಗಿದೆ. ಗ್ರಾಮೀಣ ಜನರ ಆರ್ಥಿಕ ಸ್ವಾವಲಂಬನೆಗೆ ಸಹಕಾರ ಸಂಘಗಳು ನೆರವಾಗುತ್ತಿವೆ ಎಂದು ಸಂಘದ ಅಧ್ಯಕ್ಷರು ತಿಳಿಸಿದರು. ನಗರದ ಶ್ರೀ ಸಿದ್ದಮಲ್ಲೇಶ್ವರ ಕೋ-ಆಪರೇಟಿವ್ ಕ್ರೆಡಿಟ್ ಸೊಸೈಟಿಯ ವಾರ್ಷಿಕ ಸಾಮಾನ್ಯ ಸಭೆಯಲ್ಲಿ ಅಧ್ಯಕ್ಷತೆ ವಹಿಸಿ ಮಾತನಾಡಿದರು. ಕಾರ್ಯಕ್ರಮದ ಅಧ್ಯಕ್ಷತೆಯನ್ನು ವಹಿಸಿದ್ದ ಸಂಘದ ಅಧ್ಯಕ್ಷರು ಸೊಸೈಟಿ ಲಿಮಿಟೆಡ್‌ನ ವಾರ್ಷಿಕ ವರದಿ ಮಂಡಿಸಿದರು. ಸದಸ್ಯರಿಗೆ ಶೇ.9 ರಷ್ಟು ಡಿವಿಡೆಂಡ್ ನೀಡಲು ತೀರ್ಮಾನಿಸಲಾಯಿತು.
ನಿರಂತರವಾಗಿ ಸಹಕಾರ ಸಂಘಗಳು ಕೆಲಸ ಮಾಡುತ್ತಿವೆ. ಸಹಕಾರ ತತ್ವದ ಮೂಲಕ ಸದಸ್ಯರ ಹಿತ ಕಾಪಾಡಲಾಗುತ್ತಿದೆ. ಸಂಘದ ಅಭಿವೃದ್ಧಿಗೆ ಸದಸ್ಯರು ಸಹಕರಿಸಬೇಕು ಎಂದರು. ಈ ಸಂದರ್ಭದಲ್ಲಿ ಉಪಾಧ್ಯಕ್ಷ ಎಸ್.ಮಹದೇವಸ್ವಾಮಿ, ನಿರ್ದೇಶಕರಾದ ಡಿ.ಕೆ.ಪ್ರಭು, ಶಿವಕುಮಾರ್, ಮಹದೇವಪ್ಪ, ನಿರ್ದೇಶಕರಾದ ಶ್ರೀನಿವಾಸ್, ಸಿಬ್ಬಂದಿ ವರ್ಗದವರು ಹಾಜರಿದ್ದರು.
ಬೆಳೆಸಿಕೊಳ್ಳಬೇಕು. ಪ್ರತಿಯೊಬ್ಬರು ಸಹಕಾರ ಸಂಘಗಳ ಸದಸ್ಯತ್ವ ಪಡೆದು ಸೌಲಭ್ಯ ಪಡೆಯಬೇಕು ಎಂದರು. ಸಂಘದ ವತಿಯಿಂದ ವಿದ್ಯಾರ್ಥಿಗಳಿಗೆ ಪ್ರತಿಭಾ ಪುರಸ್ಕಾರ ನೀಡಲಾಯಿತು. ನಿರ್ದೇಶಕರಾದ ಎಂ.ರಮೇಶ್, ಆರ್.ಶಿವಣ್ಣ, ಕೆ.ಸಿ.ನಾಗೇಂದ್ರ, ಬಿ.ಪುಟ್ಟಸ್ವಾಮಿ, ಎನ್.ಮಂಜುನಾಥ್, ಸಿ.ಎಂ.ಮಲ್ಲಿಕಾರ್ಜುನಸ್ವಾಮಿ, ಬ್ರಹ್ಮಚಾರಿ, ಇದ್ದರು.
